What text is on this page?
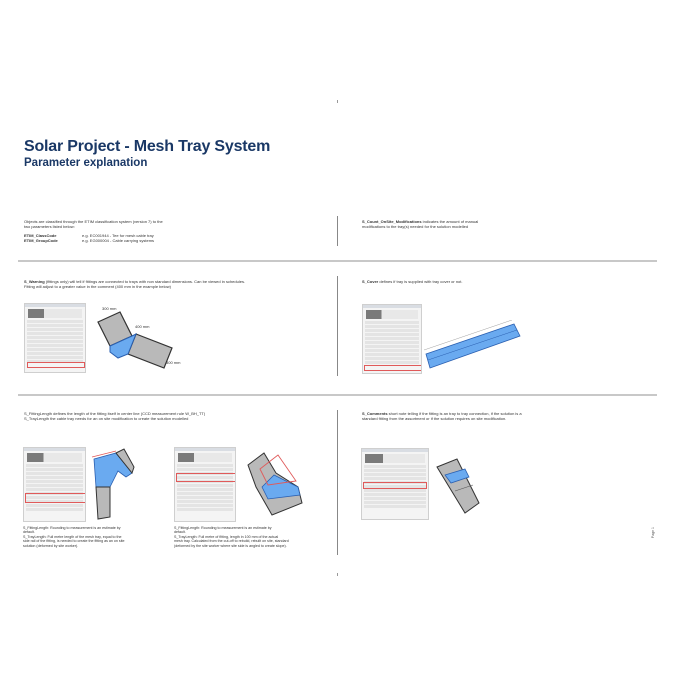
Solar Project - Mesh Tray System
Parameter explanation
Objects are classified through the ETIM classification system (version 7) to the
two parameters listed below:
ETIM_ClassCode	e.g. EC001944 - Tee for mesh cable tray
ETIM_GroupCode	e.g. EG000004 - Cable carrying systems
S_Count_OnSite_Modifications indicates the amount of manual
modifications to the tray(s) needed for the solution modelled
S_Warning (fittings only) will tell if fittings are connected to trays with non standard dimensions. Can be viewed in schedules.
Fitting will adjust to a greater value in the comment (400 mm in the example below)
300 mm
400 mm
300 mm
S_Cover defines if tray is supplied with tray cover or not.
S_FittingLength defines the length of the fitting itself in center line (CCD measurement rule W_BH_TT)
S_TrayLength the cable tray needs for an on site modification to create the solution modelled
S_FittingLength: Rounding to measurement is an estimate by
default.
S_TrayLength: Full metre length of the mesh tray, equal to the
side rail of the fitting, is needed to create the fitting as an on site
solution (deformed by site worker).
S_FittingLength: Rounding to measurement is an estimate by
default.
S_TrayLength: Full metre of fitting, length in 100 mm of the actual
mesh tray. Calculated from the cut-off to rebuild, rebuilt on site, standard
(deformed by the site worker where site side is angled to create slope).
S_Comments short note telling if the fitting is an tray to tray connection, if the solution is a
standard fitting from the assortment or if the solution requires on site modification.
Page 1
